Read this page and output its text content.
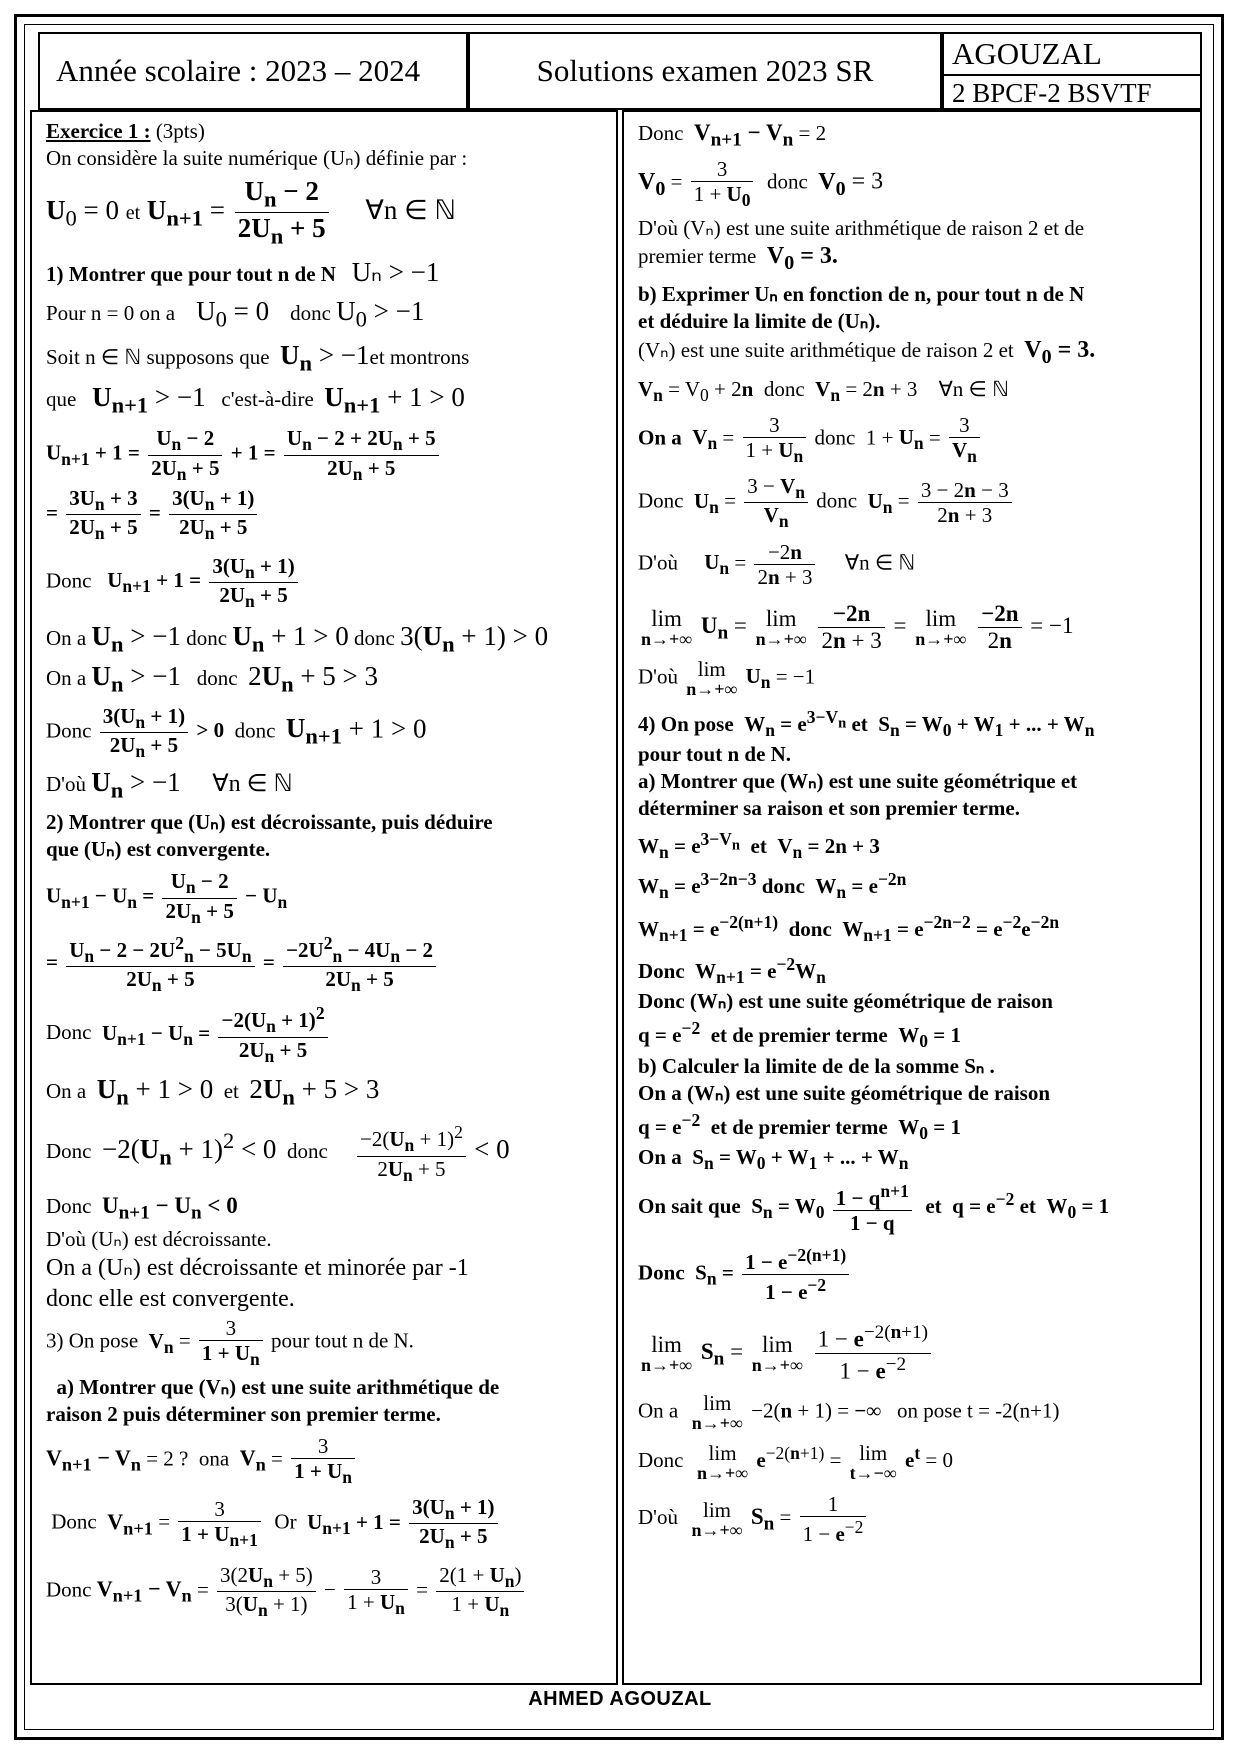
Année scolaire : 2023 – 2024	Solutions examen 2023 SR	AGOUZAL
2 BPCF-2 BSVTF

Exercice 1 : (3pts)

On considère la suite numérique (Uₙ) définie par :

$U_0 = 0$ et $U_{n+1} = \frac{U_n - 2}{2U_n + 5}$ ∀n ∈ ℕ

1) Montrer que pour tout n de N Uₙ > −1

Pour n = 0 on a $U_0 = 0$ donc $U_0 > -1$

Soit n ∈ ℕ supposons que $U_n > -1et$ montrons

que $U_{n+1} > -1$ c'est-à-dire $U_{n+1} + 1 > 0$

$U_{n+1} + 1 = \frac{U_n - 2}{2U_n + 5} + 1 = \frac{U_n - 2 + 2U_n + 5}{2U_n + 5}$

= $\frac{3U_n + 3}{2U_n + 5} = \frac{3(U_n + 1)}{2U_n + 5}$

Donc $U_{n+1} + 1 = \frac{3(U_n + 1)}{2U_n + 5}$

On a $U_n > -1$ donc $U_n + 1 > 0$ donc $3(U_n + 1) > 0$

On a $U_n > -1$ donc $2U_n + 5 > 3$

Donc $\frac{3(U_n + 1)}{2U_n + 5} > 0$ donc $U_{n+1} + 1 > 0$

D'où $U_n > -1$ ∀n ∈ ℕ

2) Montrer que (Uₙ) est décroissante, puis déduire

que (Uₙ) est convergente.

$U_{n+1} - U_n = \frac{U_n - 2}{2U_n + 5} - U_n$

= $\frac{U_n - 2 - 2U^2_n - 5U_n}{2U_n + 5} = \frac{-2U^2_n - 4U_n - 2}{2U_n + 5}$

Donc $U_{n+1} - U_n = \frac{-2(U_n + 1)^2}{2U_n + 5}$

On a $U_n + 1 > 0$ et $2U_n + 5 > 3$

Donc $-2(U_n + 1)^2 < 0$ donc $\frac{-2(U_n + 1)^2}{2U_n + 5} < 0$

Donc $U_{n+1} - U_n < 0$

D'où (Uₙ) est décroissante.

On a (Uₙ) est décroissante et minorée par -1

donc elle est convergente.

3) On pose $V_n = \frac{3}{1 + U_n}$ pour tout n de N.

a) Montrer que (Vₙ) est une suite arithmétique de

raison 2 puis déterminer son premier terme.

$V_{n+1} - V_n = 2$ ?  ona $V_n = \frac{3}{1 + U_n}$

Donc $V_{n+1} = \frac{3}{1 + U_{n+1}}$ Or $U_{n+1} + 1 = \frac{3(U_n + 1)}{2U_n + 5}$

Donc $V_{n+1} - V_n = \frac{3(2U_n + 5)}{3(U_n + 1)} - \frac{3}{1 + U_n} = \frac{2(1 + U_n)}{1 + U_n}$

Donc $V_{n+1} - V_n = 2$

$V_0 = \frac{3}{1 + U_0}$ donc $V_0 = 3$

D'où (Vₙ) est une suite arithmétique de raison 2 et de

premier terme $V_0 = 3$.

b) Exprimer Uₙ en fonction de n, pour tout n de N

et déduire la limite de (Uₙ).

(Vₙ) est une suite arithmétique de raison 2 et $V_0 = 3$.

$V_n = V_0 + 2n$ donc $V_n = 2n + 3$    ∀n ∈ ℕ

On a $V_n = \frac{3}{1 + U_n}$ donc  $1 + U_n = \frac{3}{V_n}$

Donc $U_n = \frac{3 - V_n}{V_n}$ donc $U_n = \frac{3 - 2n - 3}{2n + 3}$

D'où $U_n = \frac{-2n}{2n + 3}$ ∀n ∈ ℕ

lim
n→+∞
$U_n = \lim$
n→+∞
$\frac{-2n}{2n + 3} = \lim$
n→+∞
$\frac{-2n}{2n} = -1$

D'où lim
n→+∞
$U_n = -1$

4) On pose  $W_n = e^{3-V_n}$ et  $S_n = W_0 + W_1$ + ... + $W_n$

pour tout n de N.

a) Montrer que (Wₙ) est une suite géométrique et

déterminer sa raison et son premier terme.

$W_n = e^{3-V_n}$ et  $V_n = 2n + 3$

$W_n = e^{3-2n-3}$ donc  $W_n = e^{-2n}$

$W_{n+1} = e^{-2(n+1)}$ donc  $W_{n+1} = e^{-2n-2} = e^{-2}e^{-2n}$

Donc  $W_{n+1} = e^{-2}W_n$

Donc (Wₙ) est une suite géométrique de raison

$q = e^{-2}$ et de premier terme  $W_0 = 1$

b) Calculer la limite de de la somme Sₙ .

On a (Wₙ) est une suite géométrique de raison

$q = e^{-2}$  et de premier terme  $W_0 = 1$

On a  $S_n = W_0 + W_1$ + ... + $W_n$

On sait que  $S_n = W_0 \frac{1 - q^{n+1}}{1 - q}$ et  $q = e^{-2}$ et  $W_0 = 1$

Donc  $S_n = \frac{1 - e^{-2(n+1)}}{1 - e^{-2}}$

lim
n→+∞
$S_n = \lim$
n→+∞
$\frac{1 - e^{-2(n+1)}}{1 - e^{-2}}$

On a	lim
n→+∞
−2(n + 1) = −∞ on pose t = -2(n+1)

Donc	lim
n→+∞
$e^{-2(n+1)} = \lim$
t→−∞
$e^t = 0$

D'où	lim
n→+∞
$S_n = \frac{1}{1 - e^{-2}}$

AHMED AGOUZAL
